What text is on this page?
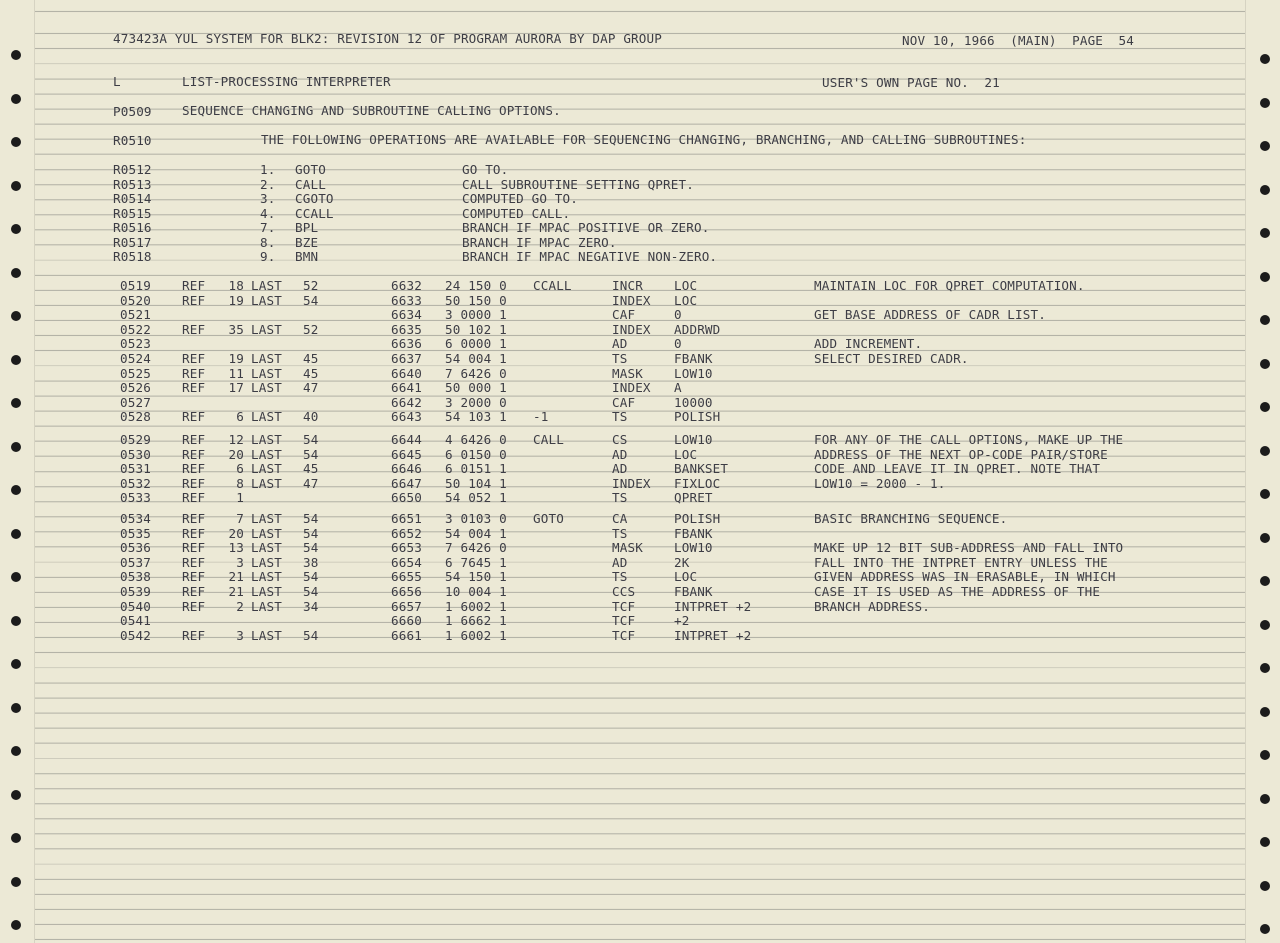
473423A YUL SYSTEM FOR BLK2: REVISION 12 OF PROGRAM AURORA BY DAP GROUP	NOV 10, 1966  (MAIN)  PAGE  54
L	LIST-PROCESSING INTERPRETER	USER'S OWN PAGE NO.  21
P0509 SEQUENCE CHANGING AND SUBROUTINE CALLING OPTIONS.
R0510	THE FOLLOWING OPERATIONS ARE AVAILABLE FOR SEQUENCING CHANGING, BRANCHING, AND CALLING SUBROUTINES:
R0512	1. GOTO	GO TO.
R0513	2. CALL	CALL SUBROUTINE SETTING QPRET.
R0514	3. CGOTO	COMPUTED GO TO.
R0515	4. CCALL	COMPUTED CALL.
R0516	7. BPL	BRANCH IF MPAC POSITIVE OR ZERO.
R0517	8. BZE	BRANCH IF MPAC ZERO.
R0518	9. BMN	BRANCH IF MPAC NEGATIVE NON-ZERO.
0519 REF	18 LAST 52	6632 24 150 0 CCALL	INCR LOC	MAINTAIN LOC FOR QPRET COMPUTATION.
0520 REF	19 LAST 54	6633 50 150 0	INDEX LOC
0521	6634 3 0000 1	CAF	0	GET BASE ADDRESS OF CADR LIST.
0522 REF	35 LAST 52	6635 50 102 1	INDEX ADDRWD
0523	6636 6 0000 1	AD	0	ADD INCREMENT.
0524 REF	19 LAST 45	6637 54 004 1	TS	FBANK	SELECT DESIRED CADR.
0525 REF	11 LAST 45	6640 7 6426 0	MASK LOW10
0526 REF	17 LAST 47	6641 50 000 1	INDEX A
0527	6642 3 2000 0	CAF	10000
0528 REF	6 LAST 40	6643 54 103 1 -1	TS	POLISH
0529 REF	12 LAST 54	6644 4 6426 0 CALL	CS	LOW10	FOR ANY OF THE CALL OPTIONS, MAKE UP THE
0530 REF	20 LAST 54	6645 6 0150 0	AD	LOC	ADDRESS OF THE NEXT OP-CODE PAIR/STORE
0531 REF	6 LAST 45	6646 6 0151 1	AD	BANKSET	CODE AND LEAVE IT IN QPRET. NOTE THAT
0532 REF	8 LAST 47	6647 50 104 1	INDEX FIXLOC	LOW10 = 2000 - 1.
0533 REF	1	6650 54 052 1	TS	QPRET
0534 REF	7 LAST 54	6651 3 0103 0 GOTO	CA	POLISH	BASIC BRANCHING SEQUENCE.
0535 REF	20 LAST 54	6652 54 004 1	TS	FBANK
0536 REF	13 LAST 54	6653 7 6426 0	MASK LOW10	MAKE UP 12 BIT SUB-ADDRESS AND FALL INTO
0537 REF	3 LAST 38	6654 6 7645 1	AD	2K	FALL INTO THE INTPRET ENTRY UNLESS THE
0538 REF	21 LAST 54	6655 54 150 1	TS	LOC	GIVEN ADDRESS WAS IN ERASABLE, IN WHICH
0539 REF	21 LAST 54	6656 10 004 1	CCS	FBANK	CASE IT IS USED AS THE ADDRESS OF THE
0540 REF	2 LAST 34	6657 1 6002 1	TCF	INTPRET +2	BRANCH ADDRESS.
0541	6660 1 6662 1	TCF	+2
0542 REF	3 LAST 54	6661 1 6002 1	TCF	INTPRET +2
